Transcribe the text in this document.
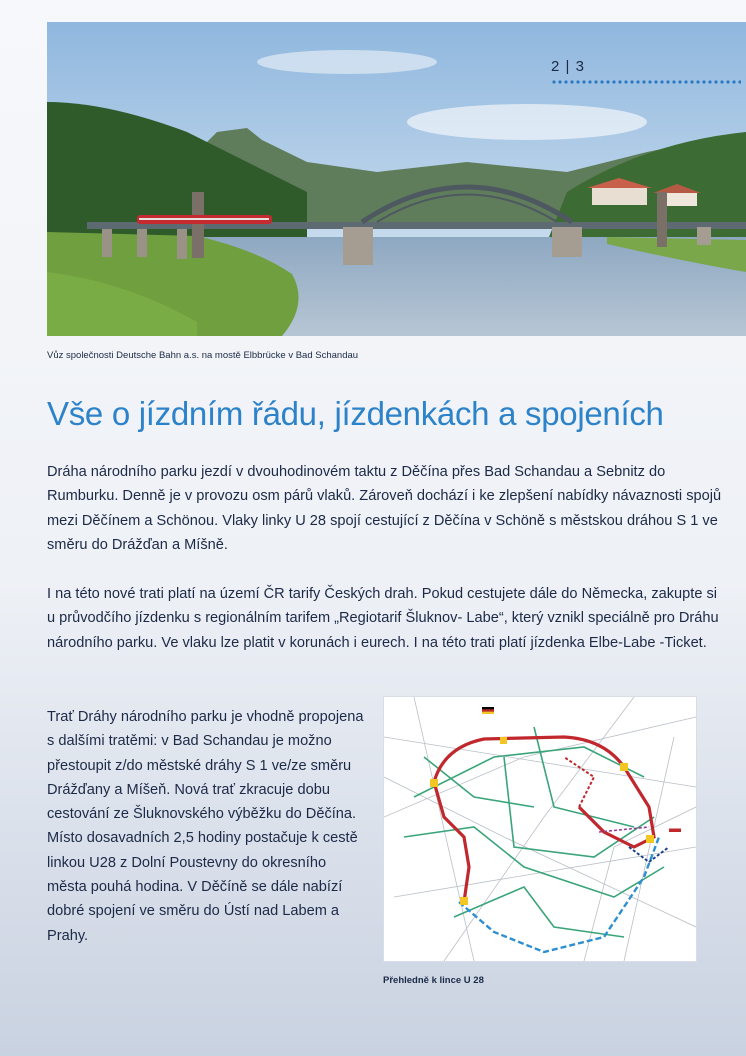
2 | 3
Vůz společnosti Deutsche Bahn a.s. na mostě Elbbrücke v Bad Schandau
Vše o jízdním řádu, jízdenkách a spojeních

Dráha národního parku jezdí v dvouhodinovém taktu z Děčína přes Bad Schandau a Sebnitz do Rumburku. Denně je v provozu osm párů vlaků. Zároveň dochází i ke zlepšení nabídky návaznosti spojů mezi Děčínem a Schönou. Vlaky linky U 28 spojí cestující z Děčína v Schöně s městskou dráhou S 1 ve směru do Drážďan a Míšně.

I na této nové trati platí na území ČR tarify Českých drah. Pokud cestujete dále do Německa, zakupte si u průvodčího jízdenku s regionálním tarifem „Regiotarif Šluknov- Labe“, který vznikl speciálně pro Dráhu národního parku. Ve vlaku lze platit v korunách i eurech. I na této trati platí jízdenka Elbe-Labe -Ticket.

Trať Dráhy národního parku je vhodně propojena s dalšími tratěmi: v Bad Schandau je možno přestoupit z/do městské dráhy S 1 ve/ze směru Drážďany a Míšeň. Nová trať zkracuje dobu cestování ze Šluknovského výběžku do Děčína. Místo dosavadních 2,5 hodiny postačuje k cestě linkou U28 z Dolní Poustevny do okresního města pouhá hodina. V Děčíně se dále nabízí dobré spojení ve směru do Ústí nad Labem a Prahy.

Přehledně k lince U 28
